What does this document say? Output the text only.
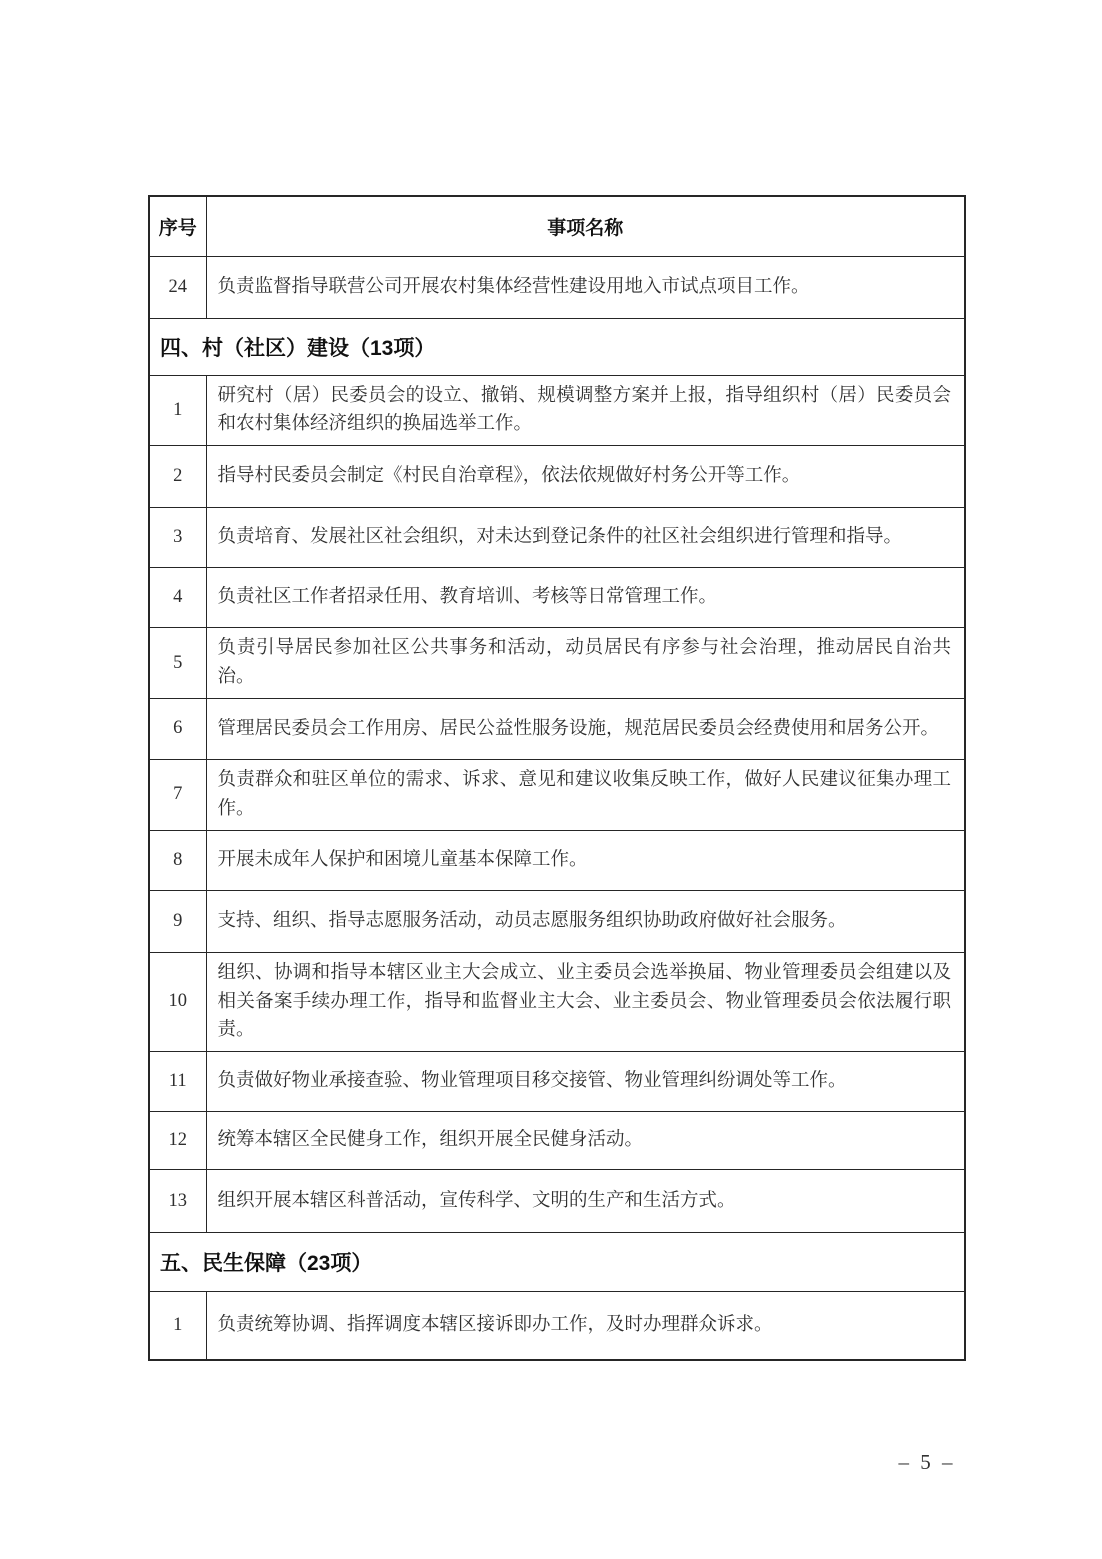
序号	事项名称
24	负责监督指导联营公司开展农村集体经营性建设用地入市试点项目工作。
四、村（社区）建设（13项）	
1	研究村（居）民委员会的设立、撤销、规模调整方案并上报，指导组织村（居）民委员会和农村集体经济组织的换届选举工作。
2	指导村民委员会制定《村民自治章程》，依法依规做好村务公开等工作。
3	负责培育、发展社区社会组织，对未达到登记条件的社区社会组织进行管理和指导。
4	负责社区工作者招录任用、教育培训、考核等日常管理工作。
5	负责引导居民参加社区公共事务和活动，动员居民有序参与社会治理，推动居民自治共治。
6	管理居民委员会工作用房、居民公益性服务设施，规范居民委员会经费使用和居务公开。
7	负责群众和驻区单位的需求、诉求、意见和建议收集反映工作，做好人民建议征集办理工作。
8	开展未成年人保护和困境儿童基本保障工作。
9	支持、组织、指导志愿服务活动，动员志愿服务组织协助政府做好社会服务。
10	组织、协调和指导本辖区业主大会成立、业主委员会选举换届、物业管理委员会组建以及相关备案手续办理工作，指导和监督业主大会、业主委员会、物业管理委员会依法履行职责。
11	负责做好物业承接查验、物业管理项目移交接管、物业管理纠纷调处等工作。
12	统筹本辖区全民健身工作，组织开展全民健身活动。
13	组织开展本辖区科普活动，宣传科学、文明的生产和生活方式。
五、民生保障（23项）	
1	负责统筹协调、指挥调度本辖区接诉即办工作，及时办理群众诉求。
– 5 –
